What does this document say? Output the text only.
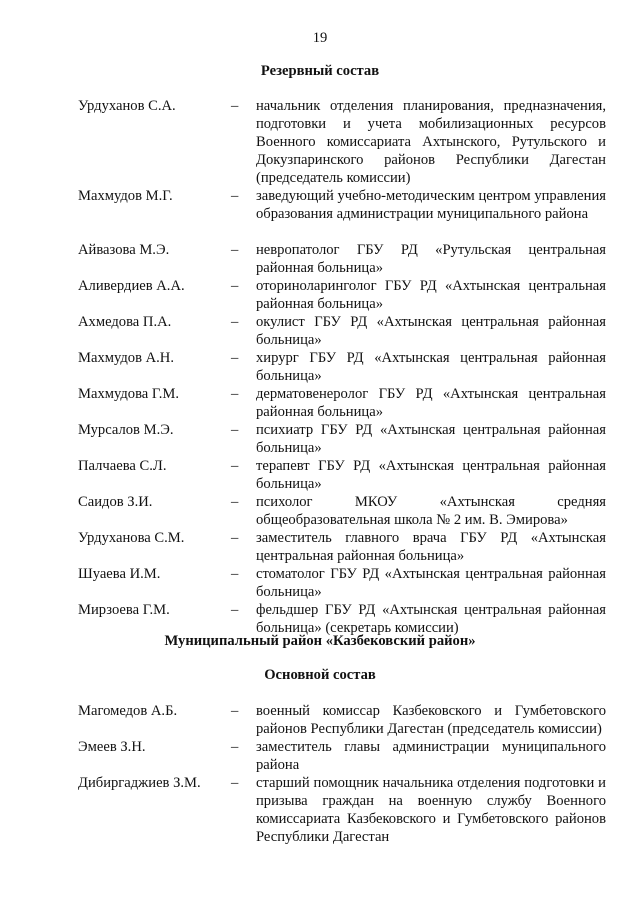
19
Резервный состав
Урдуханов С.А.	– начальник отделения планирования, предназначения, подготовки и учета мобилизационных ресурсов Военного комиссариата Ахтынского, Рутульского и Докузпаринского районов Республики Дагестан (председатель комиссии)
Махмудов М.Г.	– заведующий учебно-методическим центром управления образования администрации муниципального района
Айвазова М.Э.	– невропатолог ГБУ РД «Рутульская центральная районная больница»
Аливердиев А.А.	– оториноларинголог ГБУ РД «Ахтынская центральная районная больница»
Ахмедова П.А.	– окулист ГБУ РД «Ахтынская центральная районная больница»
Махмудов А.Н.	– хирург ГБУ РД «Ахтынская центральная районная больница»
Махмудова Г.М.	– дерматовенеролог ГБУ РД «Ахтынская центральная районная больница»
Мурсалов М.Э.	– психиатр ГБУ РД «Ахтынская центральная районная больница»
Палчаева С.Л.	– терапевт ГБУ РД «Ахтынская центральная районная больница»
Саидов З.И.	– психолог МКОУ «Ахтынская средняя общеобразовательная школа № 2 им. В. Эмирова»
Урдуханова С.М.	– заместитель главного врача ГБУ РД «Ахтынская центральная районная больница»
Шуаева И.М.	– стоматолог ГБУ РД «Ахтынская центральная районная больница»
Мирзоева Г.М.	– фельдшер ГБУ РД «Ахтынская центральная районная больница» (секретарь комиссии)
Муниципальный район «Казбековский район»
Основной состав
Магомедов А.Б.	– военный комиссар Казбековского и Гумбетовского районов Республики Дагестан (председатель комиссии)
Эмеев З.Н.	– заместитель главы администрации муниципального района
Дибиргаджиев З.М. – старший помощник начальника отделения подготовки и призыва граждан на военную службу Военного комиссариата Казбековского и Гумбетовского районов Республики Дагестан
